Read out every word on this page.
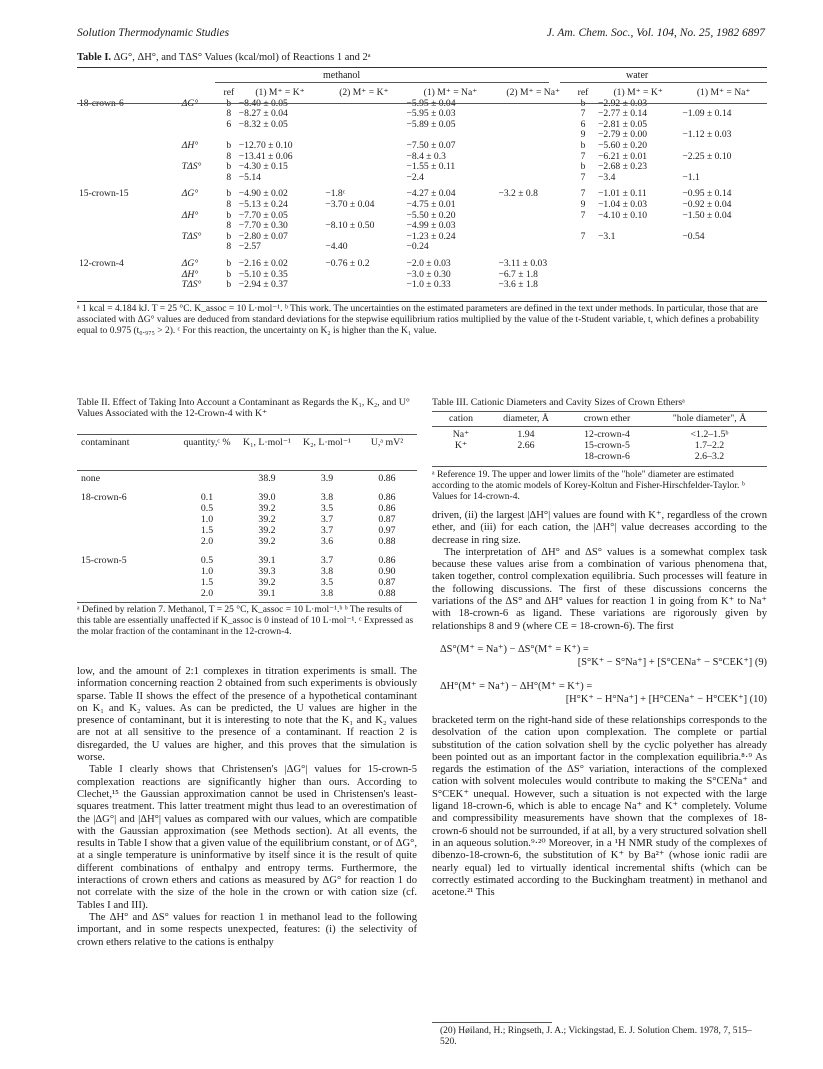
Solution Thermodynamic Studies	J. Am. Chem. Soc., Vol. 104, No. 25, 1982 6897
Table I. ΔG°, ΔH°, and TΔS° Values (kcal/mol) of Reactions 1 and 2ᵃ
methanol	water
		ref	(1) M⁺ = K⁺	(2) M⁺ = K⁺	(1) M⁺ = Na⁺	(2) M⁺ = Na⁺	ref	(1) M⁺ = K⁺	(1) M⁺ = Na⁺
18-crown-6	ΔG°	b	−8.40 ± 0.05		−5.95 ± 0.04		b	−2.92 ± 0.03	
		8	−8.27 ± 0.04		−5.95 ± 0.03		7	−2.77 ± 0.14	−1.09 ± 0.14
		6	−8.32 ± 0.05		−5.89 ± 0.05		6	−2.81 ± 0.05	
							9	−2.79 ± 0.00	−1.12 ± 0.03
	ΔH°	b	−12.70 ± 0.10		−7.50 ± 0.07		b	−5.60 ± 0.20	
		8	−13.41 ± 0.06		−8.4 ± 0.3		7	−6.21 ± 0.01	−2.25 ± 0.10
	TΔS°	b	−4.30 ± 0.15		−1.55 ± 0.11		b	−2.68 ± 0.23	
		8	−5.14		−2.4		7	−3.4	−1.1
15-crown-15	ΔG°	b	−4.90 ± 0.02	−1.8ᶜ	−4.27 ± 0.04	−3.2 ± 0.8	7	−1.01 ± 0.11	−0.95 ± 0.14
		8	−5.13 ± 0.24	−3.70 ± 0.04	−4.75 ± 0.01		9	−1.04 ± 0.03	−0.92 ± 0.04
	ΔH°	b	−7.70 ± 0.05		−5.50 ± 0.20		7	−4.10 ± 0.10	−1.50 ± 0.04
		8	−7.70 ± 0.30	−8.10 ± 0.50	−4.99 ± 0.03				
	TΔS°	b	−2.80 ± 0.07		−1.23 ± 0.24		7	−3.1	−0.54
		8	−2.57	−4.40	−0.24				
12-crown-4	ΔG°	b	−2.16 ± 0.02	−0.76 ± 0.2	−2.0 ± 0.03	−3.11 ± 0.03			
	ΔH°	b	−5.10 ± 0.35		−3.0 ± 0.30	−6.7 ± 1.8			
	TΔS°	b	−2.94 ± 0.37		−1.0 ± 0.33	−3.6 ± 1.8			
ᵃ 1 kcal = 4.184 kJ. T = 25 °C. K_assoc = 10 L·mol⁻¹. ᵇ This work. The uncertainties on the estimated parameters are defined in the text under methods. In particular, those that are associated with ΔG° values are deduced from standard deviations for the stepwise equilibrium ratios multiplied by the value of the t-Student variable, t, which defines a probability equal to 0.975 (t₀.₉₇₅ > 2). ᶜ For this reaction, the uncertainty on K₂ is higher than the K₁ value.
Table II. Effect of Taking Into Account a Contaminant as Regards the K₁, K₂, and U° Values Associated with the 12-Crown-4 with K⁺
contaminant	quantity,ᶜ %	K₁, L·mol⁻¹	K₂, L·mol⁻¹	U,ᵃ mV²
none		38.9	3.9	0.86
18-crown-6	0.1	39.0	3.8	0.86
	0.5	39.2	3.5	0.86
	1.0	39.2	3.7	0.87
	1.5	39.2	3.7	0.97
	2.0	39.2	3.6	0.88
15-crown-5	0.5	39.1	3.7	0.86
	1.0	39.3	3.8	0.90
	1.5	39.2	3.5	0.87
	2.0	39.1	3.8	0.88
ᵃ Defined by relation 7. Methanol, T = 25 °C, K_assoc = 10 L·mol⁻¹.ᵇ ᵇ The results of this table are essentially unaffected if K_assoc is 0 instead of 10 L·mol⁻¹. ᶜ Expressed as the molar fraction of the contaminant in the 12-crown-4.

low, and the amount of 2:1 complexes in titration experiments is small. The information concerning reaction 2 obtained from such experiments is obviously sparse. Table II shows the effect of the presence of a hypothetical contaminant on K₁ and K₂ values. As can be predicted, the U values are higher in the presence of contaminant, but it is interesting to note that the K₁ and K₂ values are not at all sensitive to the presence of a contaminant. If reaction 2 is disregarded, the U values are higher, and this proves that the simulation is worse.

Table I clearly shows that Christensen's |ΔG°| values for 15-crown-5 complexation reactions are significantly higher than ours. According to Clechet,¹⁵ the Gaussian approximation cannot be used in Christensen's least-squares treatment. This latter treatment might thus lead to an overestimation of the |ΔG°| and |ΔH°| values as compared with our values, which are compatible with the Gaussian approximation (see Methods section). At all events, the results in Table I show that a given value of the equilibrium constant, or of ΔG°, at a single temperature is uninformative by itself since it is the result of quite different combinations of enthalpy and entropy terms. Furthermore, the interactions of crown ethers and cations as measured by ΔG° for reaction 1 do not correlate with the size of the hole in the crown or with cation size (cf. Tables I and III).

The ΔH° and ΔS° values for reaction 1 in methanol lead to the following important, and in some respects unexpected, features: (i) the selectivity of crown ethers relative to the cations is enthalpy

Table III. Cationic Diameters and Cavity Sizes of Crown Ethersᵃ
cation	diameter, Å	crown ether	"hole diameter", Å
Na⁺	1.94	12-crown-4	<1.2–1.5ᵇ
K⁺	2.66	15-crown-5	1.7–2.2
		18-crown-6	2.6–3.2
ᵃ Reference 19. The upper and lower limits of the "hole" diameter are estimated according to the atomic models of Korey-Koltun and Fisher-Hirschfelder-Taylor. ᵇ Values for 14-crown-4.

driven, (ii) the largest |ΔH°| values are found with K⁺, regardless of the crown ether, and (iii) for each cation, the |ΔH°| value decreases according to the decrease in ring size.

The interpretation of ΔH° and ΔS° values is a somewhat complex task because these values arise from a combination of various phenomena that, taken together, control complexation equilibria. Such processes will feature in the following discussions. The first of these discussions concerns the variations of the ΔS° and ΔH° values for reaction 1 in going from K⁺ to Na⁺ with 18-crown-6 as ligand. These variations are rigorously given by relationships 8 and 9 (where CE = 18-crown-6). The first

ΔS°(M⁺ = Na⁺) − ΔS°(M⁺ = K⁺) =
[S°K⁺ − S°Na⁺] + [S°CENa⁺ − S°CEK⁺] (9)
ΔH°(M⁺ = Na⁺) − ΔH°(M⁺ = K⁺) =
[H°K⁺ − H°Na⁺] + [H°CENa⁺ − H°CEK⁺] (10)

bracketed term on the right-hand side of these relationships corresponds to the desolvation of the cation upon complexation. The complete or partial substitution of the cation solvation shell by the cyclic polyether has already been pointed out as an important factor in the complexation equilibria.⁸·⁹ As regards the estimation of the ΔS° variation, interactions of the complexed cation with solvent molecules would contribute to making the S°CENa⁺ and S°CEK⁺ unequal. However, such a situation is not expected with the large ligand 18-crown-6, which is able to encage Na⁺ and K⁺ completely. Volume and compressibility measurements have shown that the complexes of 18-crown-6 should not be surrounded, if at all, by a very structured solvation shell in an aqueous solution.⁹·²⁰ Moreover, in a ¹H NMR study of the complexes of dibenzo-18-crown-6, the substitution of K⁺ by Ba²⁺ (whose ionic radii are nearly equal) led to virtually identical incremental shifts (which can be correctly estimated according to the Buckingham treatment) in methanol and acetone.²¹ This

(20) Høiland, H.; Ringseth, J. A.; Vickingstad, E. J. Solution Chem. 1978, 7, 515–520.
